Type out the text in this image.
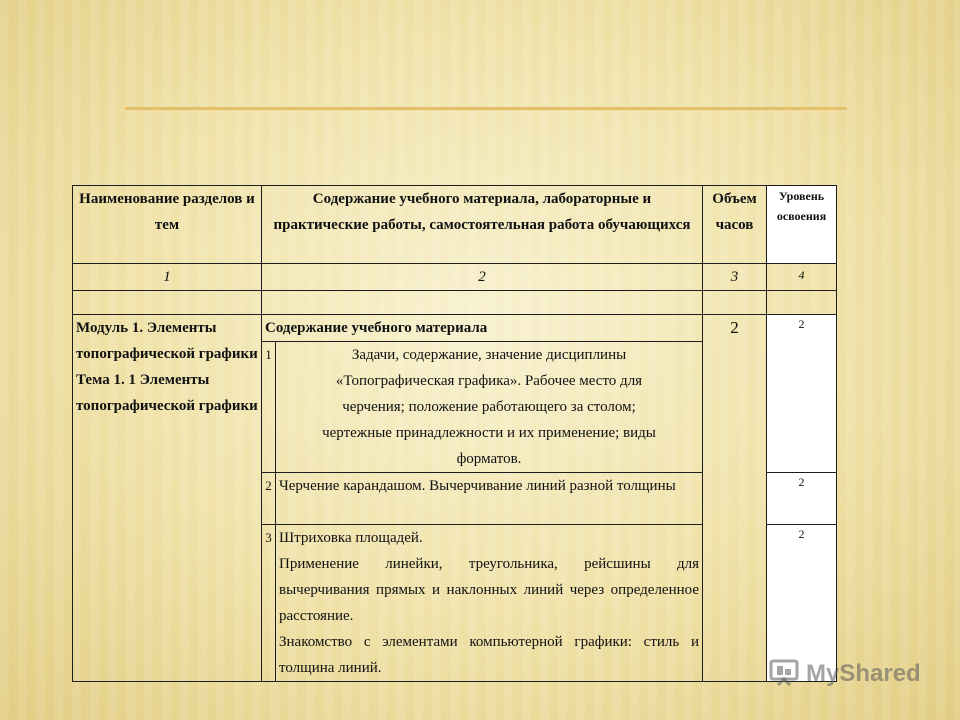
Наименование разделов и тем	Содержание учебного материала, лабораторные и практические работы, самостоятельная работа обучающихся		Объем часов	Уровень освоения
1	2		3	4

Модуль 1. Элементы топографической графики
Тема 1. 1 Элементы топографической графики	Содержание учебного материала		2	2
	1	Задачи, содержание, значение дисциплины
«Топографическая графика». Рабочее место для
черчения; положение работающего за столом;
чертежные принадлежности и их применение; виды
форматов.		

	2	Черчение карандашом. Вычерчивание линий разной толщины		2
	3	Штриховка площадей.

Применение линейки, треугольника, рейсшины для вычерчивания прямых и наклонных линий через определенное расстояние.

Знакомство с элементами компьютерной графики: стиль и толщина линий.		2
MyShared
